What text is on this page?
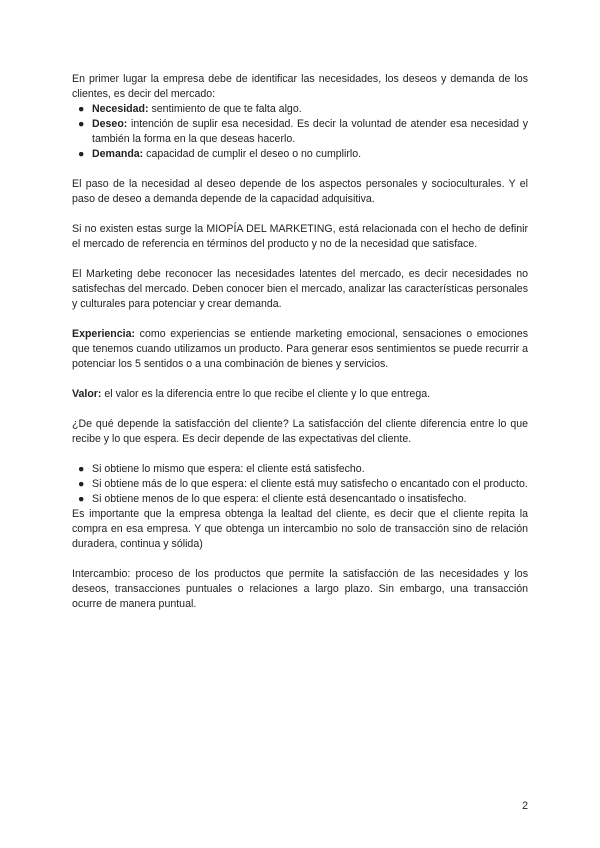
En primer lugar la empresa debe de identificar las necesidades, los deseos y demanda de los clientes, es decir del mercado:

● Necesidad: sentimiento de que te falta algo.
● Deseo: intención de suplir esa necesidad. Es decir la voluntad de atender esa necesidad y también la forma en la que deseas hacerlo.
● Demanda: capacidad de cumplir el deseo o no cumplirlo.

El paso de la necesidad al deseo depende de los aspectos personales y socioculturales. Y el paso de deseo a demanda depende de la capacidad adquisitiva.

Si no existen estas surge la MIOPÍA DEL MARKETING, está relacionada con el hecho de definir el mercado de referencia en términos del producto y no de la necesidad que satisface.

El Marketing debe reconocer las necesidades latentes del mercado, es decir necesidades no satisfechas del mercado. Deben conocer bien el mercado, analizar las características personales y culturales para potenciar y crear demanda.

Experiencia: como experiencias se entiende marketing emocional, sensaciones o emociones que tenemos cuando utilizamos un producto. Para generar esos sentimientos se puede recurrir a potenciar los 5 sentidos o a una combinación de bienes y servicios.

Valor: el valor es la diferencia entre lo que recibe el cliente y lo que entrega.

¿De qué depende la satisfacción del cliente? La satisfacción del cliente diferencia entre lo que recibe y lo que espera. Es decir depende de las expectativas del cliente.

● Si obtiene lo mismo que espera: el cliente está satisfecho.
● Si obtiene más de lo que espera: el cliente está muy satisfecho o encantado con el producto.
● Si obtiene menos de lo que espera: el cliente está desencantado o insatisfecho.

Es importante que la empresa obtenga la lealtad del cliente, es decir que el cliente repita la compra en esa empresa. Y que obtenga un intercambio no solo de transacción sino de relación duradera, continua y sólida)

Intercambio: proceso de los productos que permite la satisfacción de las necesidades y los deseos, transacciones puntuales o relaciones a largo plazo. Sin embargo, una transacción ocurre de manera puntual.

2
